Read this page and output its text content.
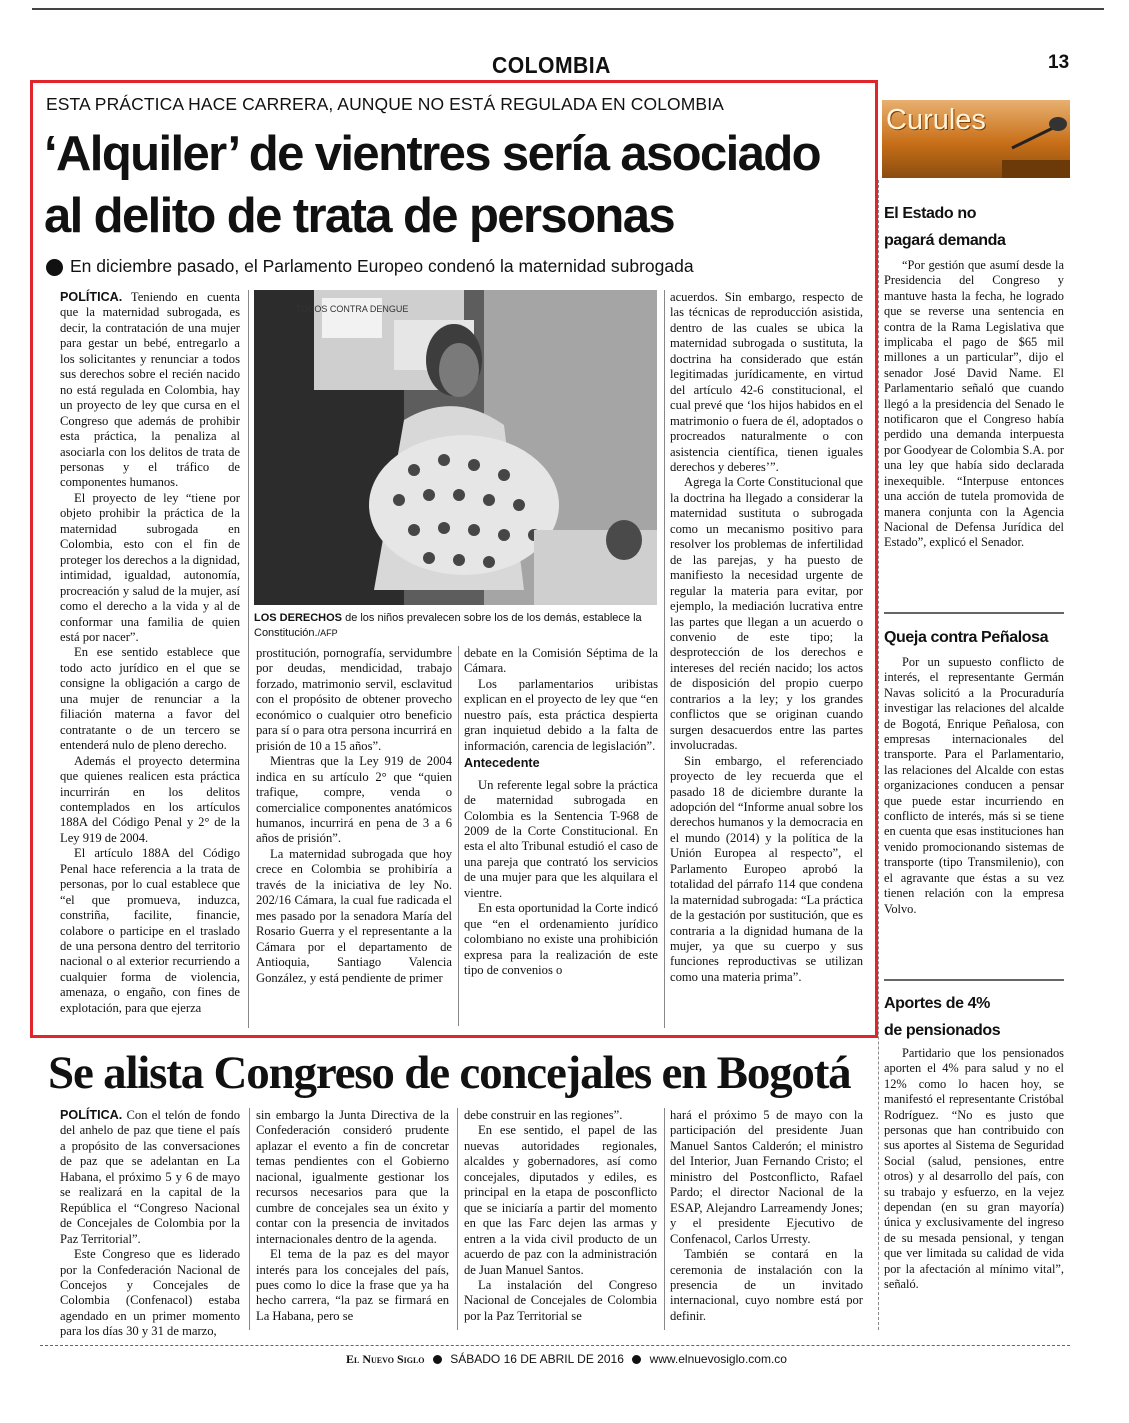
COLOMBIA	13
ESTA PRÁCTICA HACE CARRERA, AUNQUE NO ESTÁ REGULADA EN COLOMBIA
‘Alquiler’ de vientres sería asociado
al delito de trata de personas
En diciembre pasado, el Parlamento Europeo condenó la maternidad subrogada

POLÍTICA. Teniendo en cuenta que la maternidad subrogada, es decir, la contratación de una mujer para gestar un bebé, entregarlo a los solicitantes y renunciar a todos sus derechos sobre el recién nacido no está regulada en Colombia, hay un proyecto de ley que cursa en el Congreso que además de prohibir esta práctica, la penaliza al asociarla con los delitos de trata de personas y el tráfico de componentes humanos.

El proyecto de ley “tiene por objeto prohibir la práctica de la maternidad subrogada en Colombia, esto con el fin de proteger los derechos a la dignidad, intimidad, igualdad, autonomía, procreación y salud de la mujer, así como el derecho a la vida y al de conformar una familia de quien está por nacer”.

En ese sentido establece que todo acto jurídico en el que se consigne la obligación a cargo de una mujer de renunciar a la filiación materna a favor del contratante o de un tercero se entenderá nulo de pleno derecho.

Además el proyecto determina que quienes realicen esta práctica incurrirán en los delitos contemplados en los artículos 188A del Código Penal y 2° de la Ley 919 de 2004.

El artículo 188A del Código Penal hace referencia a la trata de personas, por lo cual establece que “el que promueva, induzca, constriña, facilite, financie, colabore o participe en el traslado de una persona dentro del territorio nacional o al exterior recurriendo a cualquier forma de violencia, amenaza, o engaño, con fines de explotación, para que ejerza

TODOS CONTRA DENGUE
LOS DERECHOS de los niños prevalecen sobre los de los demás, establece la Constitución./AFP

prostitución, pornografía, servidumbre por deudas, mendicidad, trabajo forzado, matrimonio servil, esclavitud con el propósito de obtener provecho económico o cualquier otro beneficio para sí o para otra persona incurrirá en prisión de 10 a 15 años”.

Mientras que la Ley 919 de 2004 indica en su artículo 2° que “quien trafique, compre, venda o comercialice componentes anatómicos humanos, incurrirá en pena de 3 a 6 años de prisión”.

La maternidad subrogada que hoy crece en Colombia se prohibiría a través de la iniciativa de ley No. 202/16 Cámara, la cual fue radicada el mes pasado por la senadora María del Rosario Guerra y el representante a la Cámara por el departamento de Antioquia, Santiago Valencia González, y está pendiente de primer

debate en la Comisión Séptima de la Cámara.

Los parlamentarios uribistas explican en el proyecto de ley que “en nuestro país, esta práctica despierta gran inquietud debido a la falta de información, carencia de legislación”.

Antecedente

Un referente legal sobre la práctica de maternidad subrogada en Colombia es la Sentencia T-968 de 2009 de la Corte Constitucional. En esta el alto Tribunal estudió el caso de una pareja que contrató los servicios de una mujer para que les alquilara el vientre.

En esta oportunidad la Corte indicó que “en el ordenamiento jurídico colombiano no existe una prohibición expresa para la realización de este tipo de convenios o

acuerdos. Sin embargo, respecto de las técnicas de reproducción asistida, dentro de las cuales se ubica la maternidad subrogada o sustituta, la doctrina ha considerado que están legitimadas jurídicamente, en virtud del artículo 42-6 constitucional, el cual prevé que ‘los hijos habidos en el matrimonio o fuera de él, adoptados o procreados naturalmente o con asistencia científica, tienen iguales derechos y deberes’”.

Agrega la Corte Constitucional que la doctrina ha llegado a considerar la maternidad sustituta o subrogada como un mecanismo positivo para resolver los problemas de infertilidad de las parejas, y ha puesto de manifiesto la necesidad urgente de regular la materia para evitar, por ejemplo, la mediación lucrativa entre las partes que llegan a un acuerdo o convenio de este tipo; la desprotección de los derechos e intereses del recién nacido; los actos de disposición del propio cuerpo contrarios a la ley; y los grandes conflictos que se originan cuando surgen desacuerdos entre las partes involucradas.

Sin embargo, el referenciado proyecto de ley recuerda que el pasado 18 de diciembre durante la adopción del “Informe anual sobre los derechos humanos y la democracia en el mundo (2014) y la política de la Unión Europea al respecto”, el Parlamento Europeo aprobó la totalidad del párrafo 114 que condena la maternidad subrogada: “La práctica de la gestación por sustitución, que es contraria a la dignidad humana de la mujer, ya que su cuerpo y sus funciones reproductivas se utilizan como una materia prima”.

Curules
El Estado no
pagará demanda

“Por gestión que asumí desde la Presidencia del Congreso y mantuve hasta la fecha, he logrado que se reverse una sentencia en contra de la Rama Legislativa que implicaba el pago de $65 mil millones a un particular”, dijo el senador José David Name. El Parlamentario señaló que cuando llegó a la presidencia del Senado le notificaron que el Congreso había perdido una demanda interpuesta por Goodyear de Colombia S.A. por una ley que había sido declarada inexequible. “Interpuse entonces una acción de tutela promovida de manera conjunta con la Agencia Nacional de Defensa Jurídica del Estado”, explicó el Senador.

Queja contra Peñalosa

Por un supuesto conflicto de interés, el representante Germán Navas solicitó a la Procuraduría investigar las relaciones del alcalde de Bogotá, Enrique Peñalosa, con empresas internacionales del transporte. Para el Parlamentario, las relaciones del Alcalde con estas organizaciones conducen a pensar que puede estar incurriendo en conflicto de interés, más si se tiene en cuenta que esas instituciones han venido promocionando sistemas de transporte (tipo Transmilenio), con el agravante que éstas a su vez tienen relación con la empresa Volvo.

Aportes de 4%
de pensionados

Partidario que los pensionados aporten el 4% para salud y no el 12% como lo hacen hoy, se manifestó el representante Cristóbal Rodríguez. “No es justo que personas que han contribuido con sus aportes al Sistema de Seguridad Social (salud, pensiones, entre otros) y al desarrollo del país, con su trabajo y esfuerzo, en la vejez dependan (en su gran mayoría) única y exclusivamente del ingreso de su mesada pensional, y tengan que ver limitada su calidad de vida por la afectación al mínimo vital”, señaló.

Se alista Congreso de concejales en Bogotá

POLÍTICA. Con el telón de fondo del anhelo de paz que tiene el país a propósito de las conversaciones de paz que se adelantan en La Habana, el próximo 5 y 6 de mayo se realizará en la capital de la República el “Congreso Nacional de Concejales de Colombia por la Paz Territorial”.

Este Congreso que es liderado por la Confederación Nacional de Concejos y Concejales de Colombia (Confenacol) estaba agendado en un primer momento para los días 30 y 31 de marzo,

sin embargo la Junta Directiva de la Confederación consideró prudente aplazar el evento a fin de concretar temas pendientes con el Gobierno nacional, igualmente gestionar los recursos necesarios para que la cumbre de concejales sea un éxito y contar con la presencia de invitados internacionales dentro de la agenda.

El tema de la paz es del mayor interés para los concejales del país, pues como lo dice la frase que ya ha hecho carrera, “la paz se firmará en La Habana, pero se

debe construir en las regiones”.

En ese sentido, el papel de las nuevas autoridades regionales, alcaldes y gobernadores, así como concejales, diputados y ediles, es principal en la etapa de posconflicto que se iniciaría a partir del momento en que las Farc dejen las armas y entren a la vida civil producto de un acuerdo de paz con la administración de Juan Manuel Santos.

La instalación del Congreso Nacional de Concejales de Colombia por la Paz Territorial se

hará el próximo 5 de mayo con la participación del presidente Juan Manuel Santos Calderón; el ministro del Interior, Juan Fernando Cristo; el ministro del Postconflicto, Rafael Pardo; el director Nacional de la ESAP, Alejandro Larreamendy Jones; y el presidente Ejecutivo de Confenacol, Carlos Urresty.

También se contará en la ceremonia de instalación con la presencia de un invitado internacional, cuyo nombre está por definir.

El Nuevo Siglo SÁBADO 16 DE ABRIL DE 2016 www.elnuevosiglo.com.co
